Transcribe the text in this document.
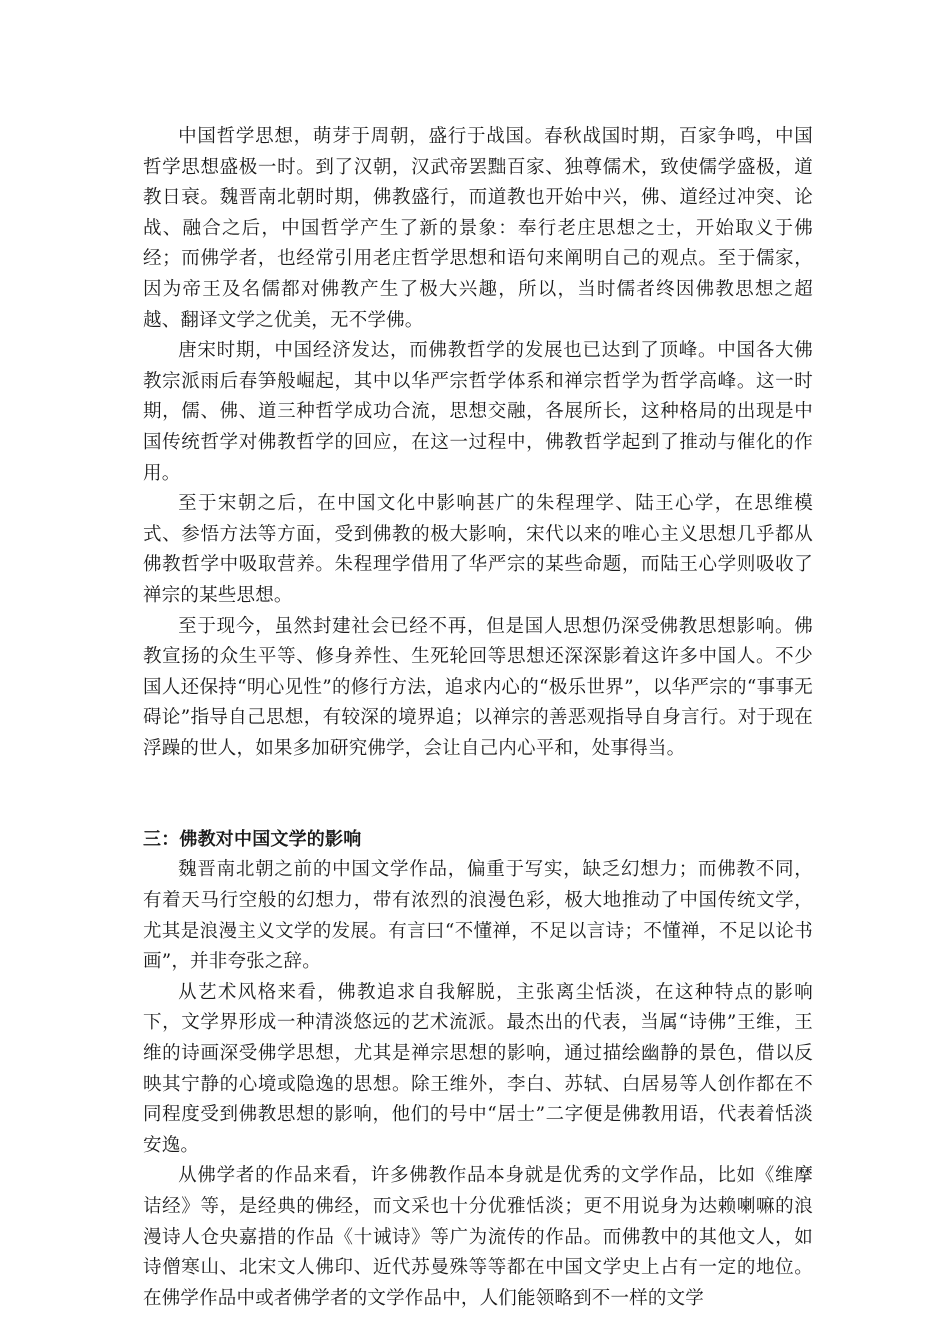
中国哲学思想，萌芽于周朝，盛行于战国。春秋战国时期，百家争鸣，中国哲学思想盛极一时。到了汉朝，汉武帝罢黜百家、独尊儒术，致使儒学盛极，道教日衰。魏晋南北朝时期，佛教盛行，而道教也开始中兴，佛、道经过冲突、论战、融合之后，中国哲学产生了新的景象：奉行老庄思想之士，开始取义于佛经；而佛学者，也经常引用老庄哲学思想和语句来阐明自己的观点。至于儒家，因为帝王及名儒都对佛教产生了极大兴趣，所以，当时儒者终因佛教思想之超越、翻译文学之优美，无不学佛。

唐宋时期，中国经济发达，而佛教哲学的发展也已达到了顶峰。中国各大佛教宗派雨后春笋般崛起，其中以华严宗哲学体系和禅宗哲学为哲学高峰。这一时期，儒、佛、道三种哲学成功合流，思想交融，各展所长，这种格局的出现是中国传统哲学对佛教哲学的回应，在这一过程中，佛教哲学起到了推动与催化的作用。

至于宋朝之后，在中国文化中影响甚广的朱程理学、陆王心学，在思维模式、参悟方法等方面，受到佛教的极大影响，宋代以来的唯心主义思想几乎都从佛教哲学中吸取营养。朱程理学借用了华严宗的某些命题，而陆王心学则吸收了禅宗的某些思想。

至于现今，虽然封建社会已经不再，但是国人思想仍深受佛教思想影响。佛教宣扬的众生平等、修身养性、生死轮回等思想还深深影着这许多中国人。不少国人还保持“明心见性”的修行方法，追求内心的“极乐世界”，以华严宗的“事事无碍论”指导自己思想，有较深的境界追；以禅宗的善恶观指导自身言行。对于现在浮躁的世人，如果多加研究佛学，会让自己内心平和，处事得当。

三：佛教对中国文学的影响

魏晋南北朝之前的中国文学作品，偏重于写实，缺乏幻想力；而佛教不同，有着天马行空般的幻想力，带有浓烈的浪漫色彩，极大地推动了中国传统文学，尤其是浪漫主义文学的发展。有言曰“不懂禅，不足以言诗；不懂禅，不足以论书画”，并非夸张之辞。

从艺术风格来看，佛教追求自我解脱，主张离尘恬淡，在这种特点的影响下，文学界形成一种清淡悠远的艺术流派。最杰出的代表，当属“诗佛”王维，王维的诗画深受佛学思想，尤其是禅宗思想的影响，通过描绘幽静的景色，借以反映其宁静的心境或隐逸的思想。除王维外，李白、苏轼、白居易等人创作都在不同程度受到佛教思想的影响，他们的号中“居士”二字便是佛教用语，代表着恬淡安逸。

从佛学者的作品来看，许多佛教作品本身就是优秀的文学作品，比如《维摩诘经》等，是经典的佛经，而文采也十分优雅恬淡；更不用说身为达赖喇嘛的浪漫诗人仓央嘉措的作品《十诫诗》等广为流传的作品。而佛教中的其他文人，如诗僧寒山、北宋文人佛印、近代苏曼殊等等都在中国文学史上占有一定的地位。在佛学作品中或者佛学者的文学作品中，人们能领略到不一样的文学
